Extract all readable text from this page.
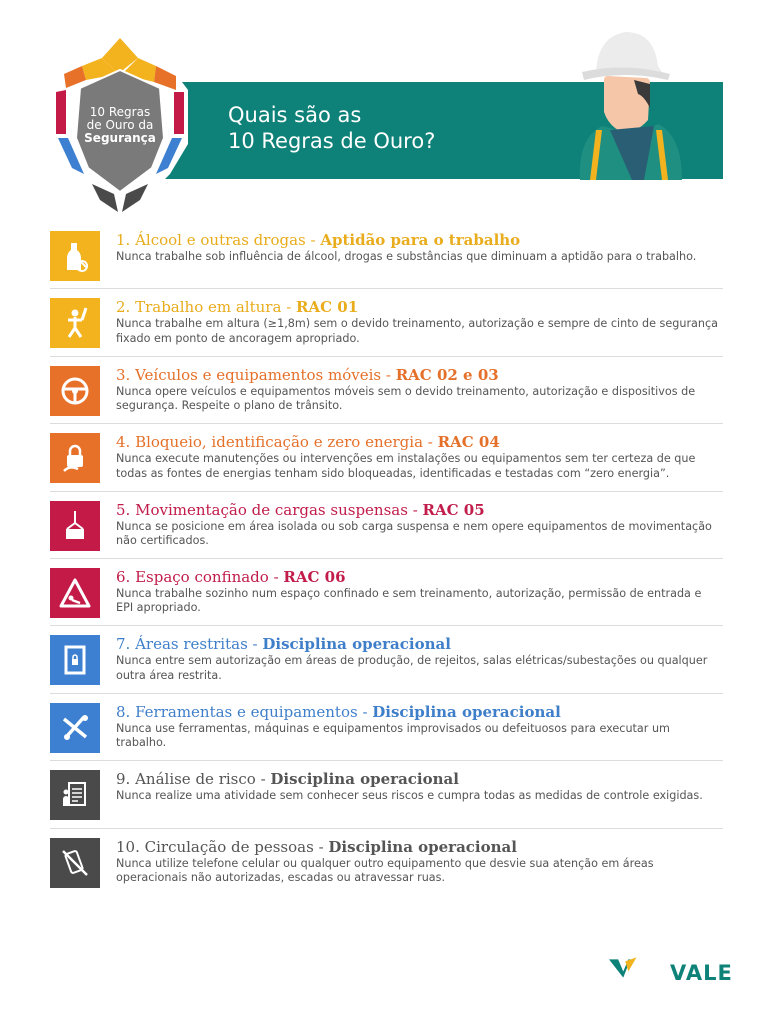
Quais são as
10 Regras de Ouro?
10 Regras
de Ouro da
Segurança
1. Álcool e outras drogas - Aptidão para o trabalho
Nunca trabalhe sob influência de álcool, drogas e substâncias que diminuam a aptidão para o trabalho.
2. Trabalho em altura - RAC 01
Nunca trabalhe em altura (≥1,8m) sem o devido treinamento, autorização e sempre de cinto de segurança fixado em ponto de ancoragem apropriado.
3. Veículos e equipamentos móveis - RAC 02 e 03
Nunca opere veículos e equipamentos móveis sem o devido treinamento, autorização e dispositivos de segurança. Respeite o plano de trânsito.
4. Bloqueio, identificação e zero energia - RAC 04
Nunca execute manutenções ou intervenções em instalações ou equipamentos sem ter certeza de que todas as fontes de energias tenham sido bloqueadas, identificadas e testadas com “zero energia”.
5. Movimentação de cargas suspensas - RAC 05
Nunca se posicione em área isolada ou sob carga suspensa e nem opere equipamentos de movimentação não certificados.
6. Espaço confinado - RAC 06
Nunca trabalhe sozinho num espaço confinado e sem treinamento, autorização, permissão de entrada e EPI apropriado.
7. Áreas restritas - Disciplina operacional
Nunca entre sem autorização em áreas de produção, de rejeitos, salas elétricas/subestações ou qualquer outra área restrita.
8. Ferramentas e equipamentos - Disciplina operacional
Nunca use ferramentas, máquinas e equipamentos improvisados ou defeituosos para executar um trabalho.
9. Análise de risco - Disciplina operacional
Nunca realize uma atividade sem conhecer seus riscos e cumpra todas as medidas de controle exigidas.
10. Circulação de pessoas - Disciplina operacional
Nunca utilize telefone celular ou qualquer outro equipamento que desvie sua atenção em áreas operacionais não autorizadas, escadas ou atravessar ruas.
VALE
